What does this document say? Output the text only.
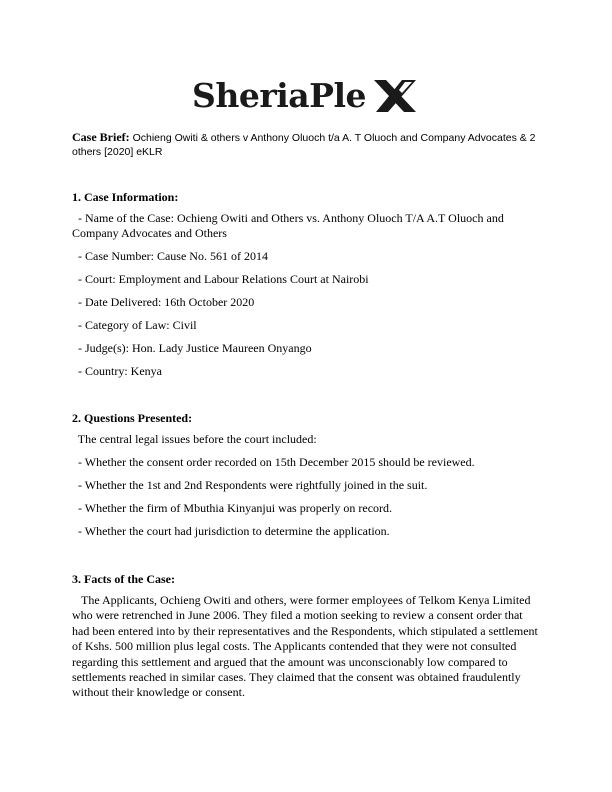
SheriaPle
Case Brief: Ochieng Owiti & others v Anthony Oluoch t/a A. T Oluoch and Company Advocates & 2 others [2020] eKLR
1. Case Information:

- Name of the Case: Ochieng Owiti and Others vs. Anthony Oluoch T/A A.T Oluoch and Company Advocates and Others

- Case Number: Cause No. 561 of 2014

- Court: Employment and Labour Relations Court at Nairobi

- Date Delivered: 16th October 2020

- Category of Law: Civil

- Judge(s): Hon. Lady Justice Maureen Onyango

- Country: Kenya

2. Questions Presented:

The central legal issues before the court included:

- Whether the consent order recorded on 15th December 2015 should be reviewed.

- Whether the 1st and 2nd Respondents were rightfully joined in the suit.

- Whether the firm of Mbuthia Kinyanjui was properly on record.

- Whether the court had jurisdiction to determine the application.

3. Facts of the Case:

The Applicants, Ochieng Owiti and others, were former employees of Telkom Kenya Limited who were retrenched in June 2006. They filed a motion seeking to review a consent order that had been entered into by their representatives and the Respondents, which stipulated a settlement of Kshs. 500 million plus legal costs. The Applicants contended that they were not consulted regarding this settlement and argued that the amount was unconscionably low compared to settlements reached in similar cases. They claimed that the consent was obtained fraudulently without their knowledge or consent.
